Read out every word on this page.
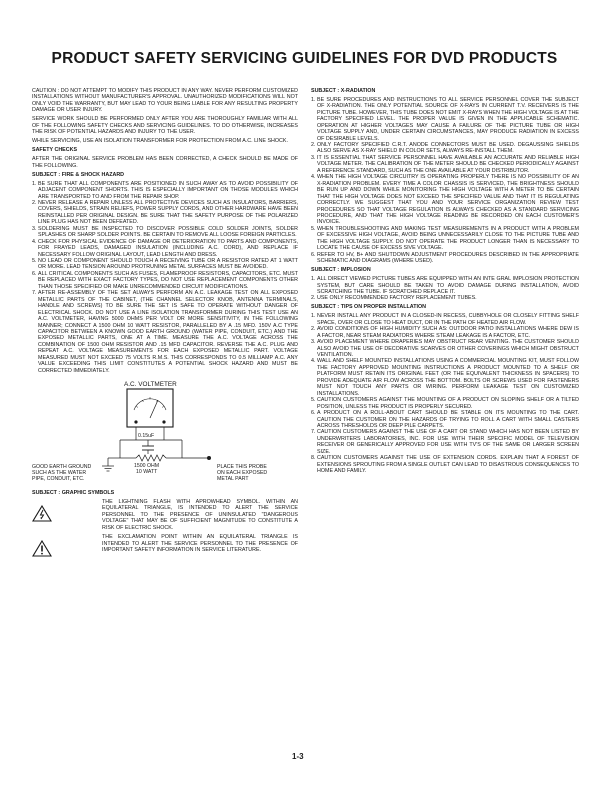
PRODUCT SAFETY SERVICING GUIDELINES FOR DVD PRODUCTS

CAUTION : DO NOT ATTEMPT TO MODIFY THIS PRODUCT IN ANY WAY. NEVER PERFORM CUSTOMIZED INSTALLATIONS WITHOUT MANUFACTURER'S APPROVAL. UNAUTHORIZED MODIFICATIONS WILL NOT ONLY VOID THE WARRANTY, BUT MAY LEAD TO YOUR BEING LIABLE FOR ANY RESULTING PROPERTY DAMAGE OR USER INJURY.

SERVICE WORK SHOULD BE PERFORMED ONLY AFTER YOU ARE THOROUGHLY FAMILIAR WITH ALL OF THE FOLLOWING SAFETY CHECKS AND SERVICING GUIDELINES. TO DO OTHERWISE, INCREASES THE RISK OF POTENTIAL HAZARDS AND INJURY TO THE USER.

WHILE SERVICING, USE AN ISOLATION TRANSFORMER FOR PROTECTION FROM A.C. LINE SHOCK.

SAFETY CHECKS

AFTER THE ORIGINAL SERVICE PROBLEM HAS BEEN CORRECTED, A CHECK SHOULD BE MADE OF THE FOLLOWING.

SUBJECT : FIRE & SHOCK HAZARD
1. BE SURE THAT ALL COMPONENTS ARE POSITIONED IN SUCH AWAY AS TO AVOID POSSIBILITY OF ADJACENT COMPONENT SHORTS. THIS IS ESPECIALLY IMPORTANT ON THOSE MODULES WHICH ARE TRANSPORTED TO AND FROM THE REPAIR SHOP.
2. NEVER RELEASE A REPAIR UNLESS ALL PROTECTIVE DEVICES SUCH AS INSULATORS, BARRIERS, COVERS, SHIELDS, STRAIN RELIEFS, POWER SUPPLY CORDS, AND OTHER HARDWARE HAVE BEEN REINSTALLED PER ORIGINAL DESIGN. BE SURE THAT THE SAFETY PURPOSE OF THE POLARIZED LINE PLUG HAS NOT BEEN DEFEATED.
3. SOLDERING MUST BE INSPECTED TO DISCOVER POSSIBLE COLD SOLDER JOINTS, SOLDER SPLASHES OR SHARP SOLDER POINTS. BE CERTAIN TO REMOVE ALL LOOSE FOREIGN PARTICLES.
4. CHECK FOR PHYSICAL EVIDENCE OF DAMAGE OR DETERIORATION TO PARTS AND COMPONENTS, FOR FRAYED LEADS, DAMAGED INSULATION (INCLUDING A.C. CORD), AND REPLACE IF NECESSARY FOLLOW ORIGINAL LAYOUT, LEAD LENGTH AND DRESS.
5. NO LEAD OR COMPONENT SHOULD TOUCH A RECEIVING TUBE OR A RESISTOR RATED AT 1 WATT OR MORE. LEAD TENSION AROUND PROTRUNING METAL SURFACES MUST BE AVOIDED.
6. ALL CRITICAL COMPONENTS SUCH AS FUSES, FLAMEPROOF RESISTORS, CAPACITORS, ETC. MUST BE REPLACED WITH EXACT FACTORY TYPES, DO NOT USE REPLACEMENT COMPONENTS OTHER THAN THOSE SPECIFIED OR MAKE UNRECOMMENDED CIRCUIT MODIFICATIONS.
7. AFTER RE-ASSEMBLY OF THE SET ALWAYS PERFORM AN A.C. LEAKAGE TEST ON ALL EXPOSED METALLIC PARTS OF THE CABINET, (THE CHANNEL SELECTOR KNOB, ANTENNA TERMINALS, HANDLE AND SCREWS) TO BE SURE THE SET IS SAFE TO OPERATE WITHOUT DANGER OF ELECTRICAL SHOCK. DO NOT USE A LINE ISOLATION TRANSFORMER DURING THIS TEST USE AN A.C. VOLTMETER, HAVING 5000 OHMS PER VOLT OR MORE SENSITIVITY, IN THE FOLLOWING MANNER; CONNECT A 1500 OHM 10 WATT RESISTOR, PARALLELED BY A .15 MFD. 150V A.C TYPE CAPACITOR BETWEEN A KNOWN GOOD EARTH GROUND (WATER PIPE, CONDUIT, ETC.) AND THE EXPOSED METALLIC PARTS, ONE AT A TIME. MEASURE THE A.C. VOLTAGE ACROSS THE COMBINATION OF 1500 OHM RESISTOR AND .15 MFD CAPACITOR. REVERSE THE A.C. PLUG AND REPEAT A.C. VOLTAGE MEASUREMENTS FOR EACH EXPOSED METALLIC PART. VOLTAGE MEASURED MUST NOT EXCEED 75 VOLTS R.M.S. THIS CORRESPONDS TO 0.5 MILLIAMP A.C. ANY VALUE EXCEEDING THIS LIMIT CONSTITUTES A POTENTIAL SHOCK HAZARD AND MUST BE CORRECTED IMMEDIATELY.
A.C. VOLTMETER
0.15uF
1500 OHM
10 WATT
GOOD EARTH GROUND
SUCH AS THE WATER
PIPE, CONDUIT, ETC.
PLACE THIS PROBE
ON EACH EXPOSED
METAL PART
SUBJECT : GRAPHIC SYMBOLS
THE LIGHTNING FLASH WITH APROWHEAD SYMBOL. WITHIN AN EQUILATERAL TRIANGLE, IS INTENDED TO ALERT THE SERVICE PERSONNEL TO THE PRESENCE OF UNINSULATED "DANGEROUS VOLTAGE" THAT MAY BE OF SUFFICIENT MAGNITUDE TO CONSTITUTE A RISK OF ELECTRIC SHOCK.
THE EXCLAMATION POINT WITHIN AN EQUILATERAL TRIANGLE IS INTENDED TO ALERT THE SERVICE PERSONNEL TO THE PRESENCE OF IMPORTANT SAFETY INFORMATION IN SERVICE LITERATURE.
SUBJECT : X-RADIATION
1. BE SURE PROCEDURES AND INSTRUCTIONS TO ALL SERVICE PERSONNEL COVER THE SUBJECT OF X-RADIATION. THE ONLY POTENTIAL SOURCE OF X-RAYS IN CURRENT T.V. RECEIVERS IS THE PICTURE TUBE. HOWEVER, THIS TUBE DOES NOT EMIT X-RAYS WHEN THE HIGH VOLTAGE IS AT THE FACTORY SPECIFIED LEVEL. THE PROPER VALUE IS GIVEN IN THE APPLICABLE SCHEMATIC. OPERATION AT HIGHER VOLTAGES MAY CAUSE A FAILURE OF THE PICTURE TUBE OR HIGH VOLTAGE SUPPLY AND, UNDER CERTAIN CIRCUMSTANCES, MAY PRODUCE RADIATION IN EXCESS OF DESIRABLE LEVELS.
2. ONLY FACTORY SPECIFIED C.R.T. ANODE CONNECTORS MUST BE USED. DEGAUSSING SHIELDS ALSO SERVE AS X-RAY SHIELD IN COLOR SETS, ALWAYS RE-INSTALL THEM.
3. IT IS ESSENTIAL THAT SERVICE PERSONNEL HAVE AVAILABLE AN ACCURATE AND RELIABLE HIGH VOLTAGE METER. THE CALIBRATION OF THE METER SHOULD BE CHECKED PERIODICALLY AGAINST A REFERENCE STANDARD, SUCH AS THE ONE AVAILABLE AT YOUR DISTRIBUTOR.
4. WHEN THE HIGH VOLTAGE CIRCUITRY IS OPERATING PROPERLY THERE IS NO POSSIBILITY OF AN X-RADIATION PROBLEM. EVERY TIME A COLOR CHASSIS IS SERVICED, THE BRIGHTNESS SHOULD BE RUN UP AND DOWN WHILE MONITORING THE HIGH VOLTAGE WITH A METER TO BE CERTAIN THAT THE HIGH VOLTAGE DOES NOT EXCEED THE SPECIFIED VALUE AND THAT IT IS REGULATING CORRECTLY. WE SUGGEST THAT YOU AND YOUR SERVICE ORGANIZATION REVIEW TEST PROCEDURES SO THAT VOLTAGE REGULATION IS ALWAYS CHECKED AS A STANDARD SERVICING PROCEDURE, AND THAT THE HIGH VOLTAGE READING BE RECORDED ON EACH CUSTOMER'S INVOICE.
5. WHEN TROUBLESHOOTING AND MAKING TEST MEASUREMENTS IN A PRODUCT WITH A PROBLEM OF EXCESSIVE HIGH VOLTAGE, AVOID BEING UNNECESSARILY CLOSE TO THE PICTURE TUBE AND THE HIGH VOLTAGE SUPPLY. DO NOT OPERATE THE PRODUCT LONGER THAN IS NECESSARY TO LOCATE THE CAUSE OF EXCESS SIVE VOLTAGE.
6. REFER TO HV, B+ AND SHUTDOWN ADJUSTMENT PROCEDURES DESCRIBED IN THE APPROPRIATE SCHEMATIC AND DIAGRAMS (WHERE USED).
SUBJECT : IMPLOSION
1. ALL DIRECT VIEWED PICTURE TUBES ARE EQUIPPED WITH AN INTE GRAL IMPLOSION PROTECTION SYSTEM, BUT CARE SHOULD BE TAKEN TO AVOID DAMAGE DURING INSTALLATION, AVOID SCRATCHING THE TUBE. IF SCRATCHED REPLACE IT.
2. USE ONLY RECOMMENDED FACTORY REPLACEMENT TUBES.
SUBJECT : TIPS ON PROPER INSTALLATION
1. NEVER INSTALL ANY PRODUCT IN A CLOSED-IN RECESS, CUBBYHOLE OR CLOSELY FITTING SHELF SPACE, OVER OR CLOSE TO HEAT DUCT, OR IN THE PATH OF HEATED AIR FLOW.
2. AVOID CONDITIONS OF HIGH HUMIDITY SUCH AS: OUTDOOR PATIO INSTALLATIONS WHERE DEW IS A FACTOR, NEAR STEAM RADIATORS WHERE STEAM LEAKAGE IS A FACTOR, ETC.
3. AVOID PLACEMENT WHERE DRAPERIES MAY OBSTRUCT REAR VENTING. THE CUSTOMER SHOULD ALSO AVOID THE USE OF DECORATIVE SCARVES OR OTHER COVERINGS WHICH MIGHT OBSTRUCT VENTILATION.
4. WALL AND SHELF MOUNTED INSTALLATIONS USING A COMMERCIAL MOUNTING KIT, MUST FOLLOW THE FACTORY APPROVED MOUNTING INSTRUCTIONS A PRODUCT MOUNTED TO A SHELF OR PLATFORM MUST RETAIN ITS ORIGINAL FEET (OR THE EQUIVALENT THICKNESS IN SPACERS) TO PROVIDE ADEQUATE AIR FLOW ACROSS THE BOTTOM. BOLTS OR SCREWS USED FOR FASTENERS MUST NOT TOUCH ANY PARTS OR WIRING. PERFORM LEAKAGE TEST ON CUSTOMIZED INSTALLATIONS.
5. CAUTION CUSTOMERS AGAINST THE MOUNTING OF A PRODUCT ON SLOPING SHELF OR A TILTED POSITION, UNLESS THE PRODUCT IS PROPERLY SECURED.
6. A PRODUCT ON A ROLL-ABOUT CART SHOULD BE STABLE ON ITS MOUNTING TO THE CART. CAUTION THE CUSTOMER ON THE HAZARDS OF TRYING TO ROLL A CART WITH SMALL CASTERS ACROSS THRESHOLDS OR DEEP PILE CARPETS.
7. CAUTION CUSTOMERS AGAINST THE USE OF A CART OR STAND WHICH HAS NOT BEEN LISTED BY UNDERWRITERS LABORATORIES, INC. FOR USE WITH THEIR SPECIFIC MODEL OF TELEVISION RECEIVER OR GENERICALLY APPROVED FOR USE WITH TV'S OF THE SAME OR LARGER SCREEN SIZE.
8. CAUTION CUSTOMERS AGAINST THE USE OF EXTENSION CORDS. EXPLAIN THAT A FOREST OF EXTENSIONS SPROUTING FROM A SINGLE OUTLET CAN LEAD TO DISASTROUS CONSEQUENCES TO HOME AND FAMILY.
1-3
